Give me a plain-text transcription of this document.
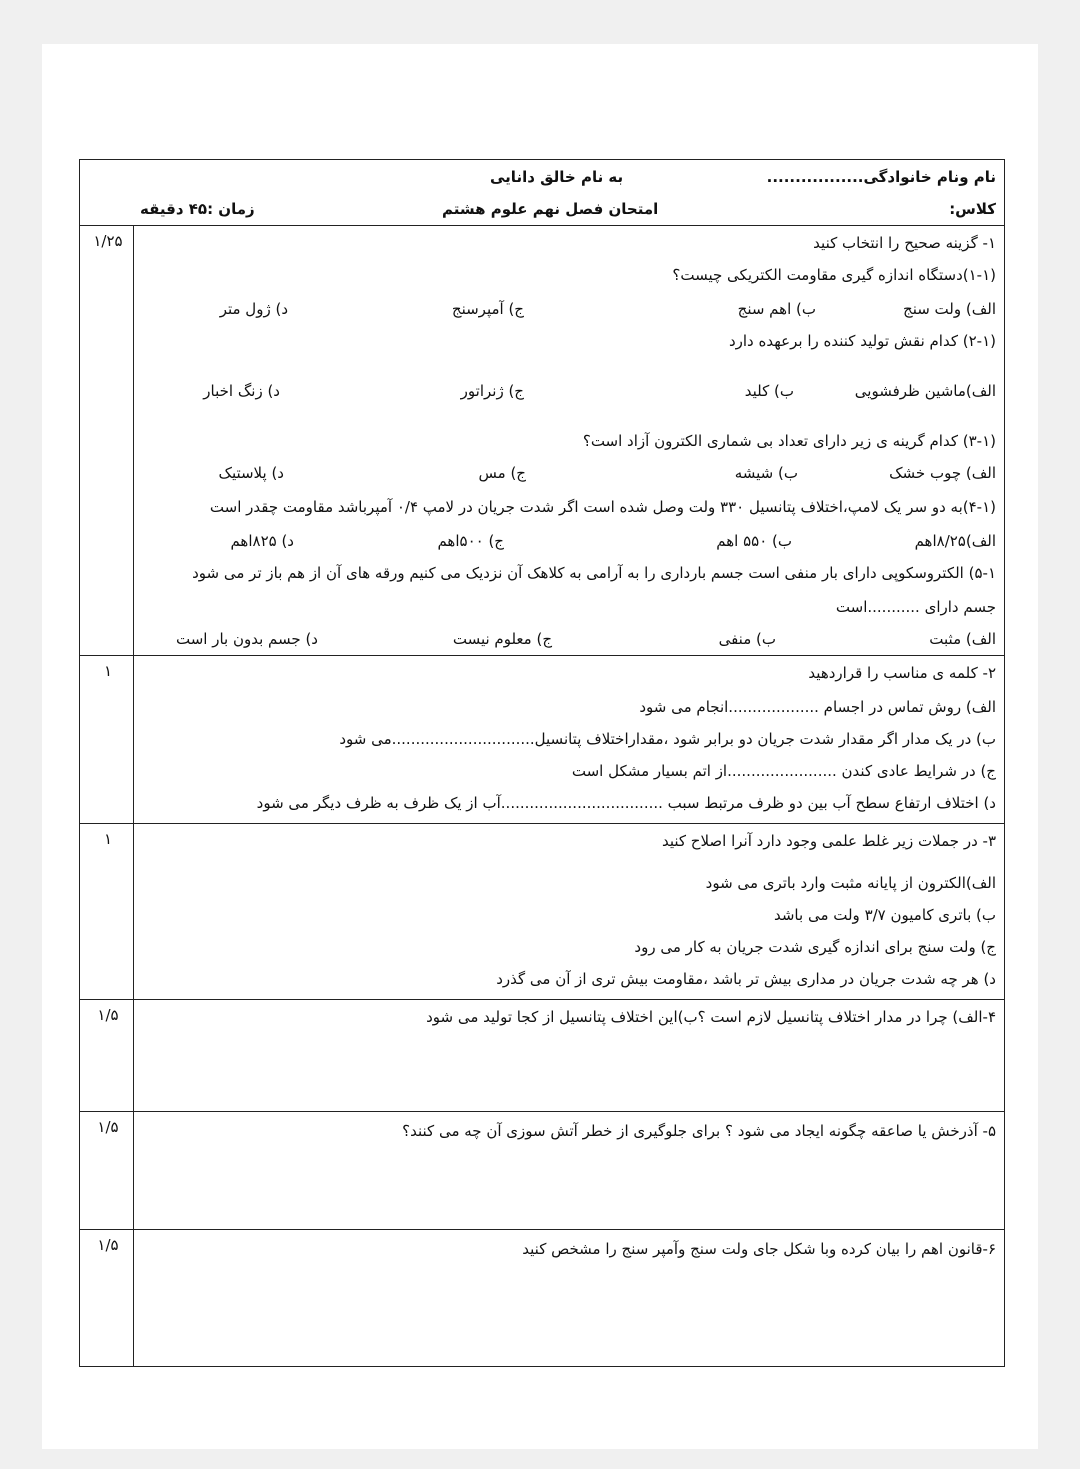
نام ونام خانوادگی.................
به نام خالق دانایی
کلاس:
امتحان فصل نهم علوم هشتم
زمان :۴۵ دقیقه
۱/۲۵	۱- گزینه صحیح را انتخاب کنید
(۱-۱)دستگاه اندازه گیری مقاومت الکتریکی چیست؟
الف) ولت سنج
ب) اهم سنج
ج) آمپرسنج
د) ژول متر
(۲-۱) کدام نقش تولید کننده را برعهده دارد
الف)ماشین ظرفشویی
ب) کلید
ج) ژنراتور
د) زنگ اخبار
(۳-۱) کدام گرینه ی زیر دارای تعداد بی شماری الکترون آزاد است؟
الف) چوب خشک
ب) شیشه
ج) مس
د) پلاستیک
(۴-۱)به دو سر یک لامپ،اختلاف پتانسیل ۳۳۰ ولت وصل شده است اگر شدت جریان در لامپ ۰/۴ آمپرباشد مقاومت چقدر است
الف)۸/۲۵اهم
ب) ۵۵۰ اهم
ج) ۵۰۰اهم
د) ۸۲۵اهم
۵-۱) الکتروسکوپی دارای بار منفی است جسم بارداری را به آرامی به کلاهک آن نزدیک می کنیم ورقه های آن از هم باز تر می شود
جسم دارای ...........است
الف) مثبت
ب) منفی
ج) معلوم نیست
د) جسم بدون بار است
۱	۲- کلمه ی مناسب را قراردهید
الف) روش تماس در اجسام ...................انجام می شود
ب) در یک مدار اگر مقدار شدت جریان دو برابر شود ،مقداراختلاف پتانسیل..............................می شود
ج) در شرایط عادی کندن .......................از اتم بسیار مشکل است
د) اختلاف ارتفاع سطح آب بین دو ظرف مرتبط سبب ..................................آب از یک ظرف به ظرف دیگر می شود
۱	۳- در جملات زیر غلط علمی وجود دارد آنرا اصلاح کنید
الف)الکترون از پایانه مثبت وارد باتری می شود
ب) باتری کامیون ۳/۷ ولت می باشد
ج) ولت سنج برای اندازه گیری شدت جریان به کار می رود
د) هر چه شدت جریان در مداری بیش تر باشد ،مقاومت بیش تری از آن می گذرد
۱/۵	۴-الف) چرا در مدار اختلاف پتانسیل لازم است ؟ب)این اختلاف پتانسیل از کجا تولید می شود
۱/۵	۵- آذرخش یا صاعقه چگونه ایجاد می شود ؟ برای جلوگیری از خطر آتش سوزی آن چه می کنند؟
۱/۵	۶-قانون اهم را بیان کرده وبا شکل جای ولت سنج وآمپر سنج را مشخص کنید
